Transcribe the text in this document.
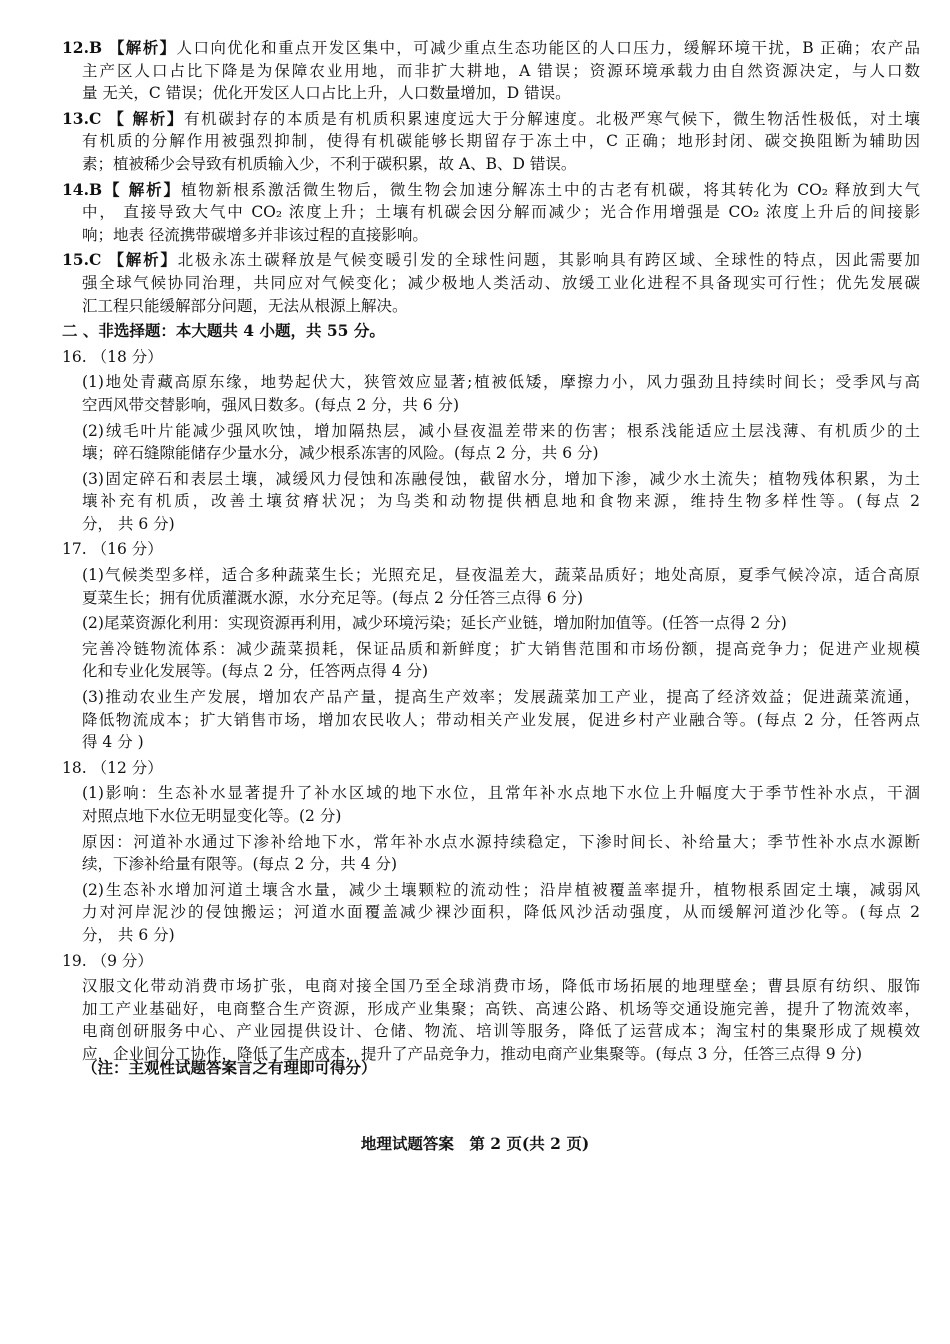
12.B 【解析】人口向优化和重点开发区集中，可减少重点生态功能区的人口压力，缓解环境干扰，B 正确；农产品
主产区人口占比下降是为保障农业用地，而非扩大耕地，A 错误；资源环境承载力由自然资源决定，与人口数
量 无关，C 错误；优化开发区人口占比上升，人口数量增加，D 错误。
13.C 【 解析】有机碳封存的本质是有机质积累速度远大于分解速度。北极严寒气候下，微生物活性极低，对土壤
有机质的分解作用被强烈抑制，使得有机碳能够长期留存于冻土中，C 正确；地形封闭、碳交换阻断为辅助因
素；植被稀少会导致有机质输入少，不利于碳积累，故 A、B、D 错误。
14.B【 解析】植物新根系激活微生物后，微生物会加速分解冻土中的古老有机碳，将其转化为 CO₂ 释放到大气
中， 直接导致大气中 CO₂ 浓度上升；土壤有机碳会因分解而减少；光合作用增强是 CO₂ 浓度上升后的间接影
响；地表 径流携带碳增多并非该过程的直接影响。
15.C 【解析】北极永冻土碳释放是气候变暖引发的全球性问题，其影响具有跨区域、全球性的特点，因此需要加
强全球气候协同治理，共同应对气候变化；减少极地人类活动、放缓工业化进程不具备现实可行性；优先发展碳
汇工程只能缓解部分问题，无法从根源上解决。
二 、非选择题：本大题共 4 小题，共 55 分。
16. （18 分）
(1)地处青藏高原东缘，地势起伏大，狭管效应显著;植被低矮，摩擦力小，风力强劲且持续时间长；受季风与高
空西风带交替影响，强风日数多。(每点 2 分，共 6 分)
(2)绒毛叶片能减少强风吹蚀，增加隔热层，减小昼夜温差带来的伤害；根系浅能适应土层浅薄、有机质少的土
壤；碎石缝隙能储存少量水分，减少根系冻害的风险。(每点 2 分，共 6 分)
(3)固定碎石和表层土壤，减缓风力侵蚀和冻融侵蚀，截留水分，增加下渗，减少水土流失；植物残体积累，为土
壤补充有机质，改善土壤贫瘠状况；为鸟类和动物提供栖息地和食物来源，维持生物多样性等。(每点 2
分， 共 6 分)
17. （16 分）
(1)气候类型多样，适合多种蔬菜生长；光照充足，昼夜温差大，蔬菜品质好；地处高原，夏季气候冷凉，适合高原
夏菜生长；拥有优质灌溉水源，水分充足等。(每点 2 分任答三点得 6 分)
(2)尾菜资源化利用：实现资源再利用，减少环境污染；延长产业链，增加附加值等。(任答一点得 2 分)
完善冷链物流体系：减少蔬菜损耗，保证品质和新鲜度；扩大销售范围和市场份额，提高竞争力；促进产业规模
化和专业化发展等。(每点 2 分，任答两点得 4 分)
(3)推动农业生产发展，增加农产品产量，提高生产效率；发展蔬菜加工产业，提高了经济效益；促进蔬菜流通，
降低物流成本；扩大销售市场，增加农民收人；带动相关产业发展，促进乡村产业融合等。(每点 2 分，任答两点
得 4 分 )
18. （12 分）
(1)影响：生态补水显著提升了补水区域的地下水位，且常年补水点地下水位上升幅度大于季节性补水点，干涸
对照点地下水位无明显变化等。(2 分)
原因：河道补水通过下渗补给地下水，常年补水点水源持续稳定，下渗时间长、补给量大；季节性补水点水源断
续，下渗补给量有限等。(每点 2 分，共 4 分)
(2)生态补水增加河道土壤含水量，减少土壤颗粒的流动性；沿岸植被覆盖率提升，植物根系固定土壤，减弱风
力对河岸泥沙的侵蚀搬运；河道水面覆盖减少裸沙面积，降低风沙活动强度，从而缓解河道沙化等。(每点 2
分， 共 6 分)
19. （9 分）
汉服文化带动消费市场扩张，电商对接全国乃至全球消费市场，降低市场拓展的地理壁垒；曹县原有纺织、服饰
加工产业基础好，电商整合生产资源，形成产业集聚；高铁、高速公路、机场等交通设施完善，提升了物流效率，
电商创研服务中心、产业园提供设计、仓储、物流、培训等服务，降低了运营成本；淘宝村的集聚形成了规模效
应，企业间分工协作，降低了生产成本，提升了产品竞争力，推动电商产业集聚等。(每点 3 分，任答三点得 9 分)
（注：主观性试题答案言之有理即可得分）
地理试题答案　第 2 页(共 2 页)
